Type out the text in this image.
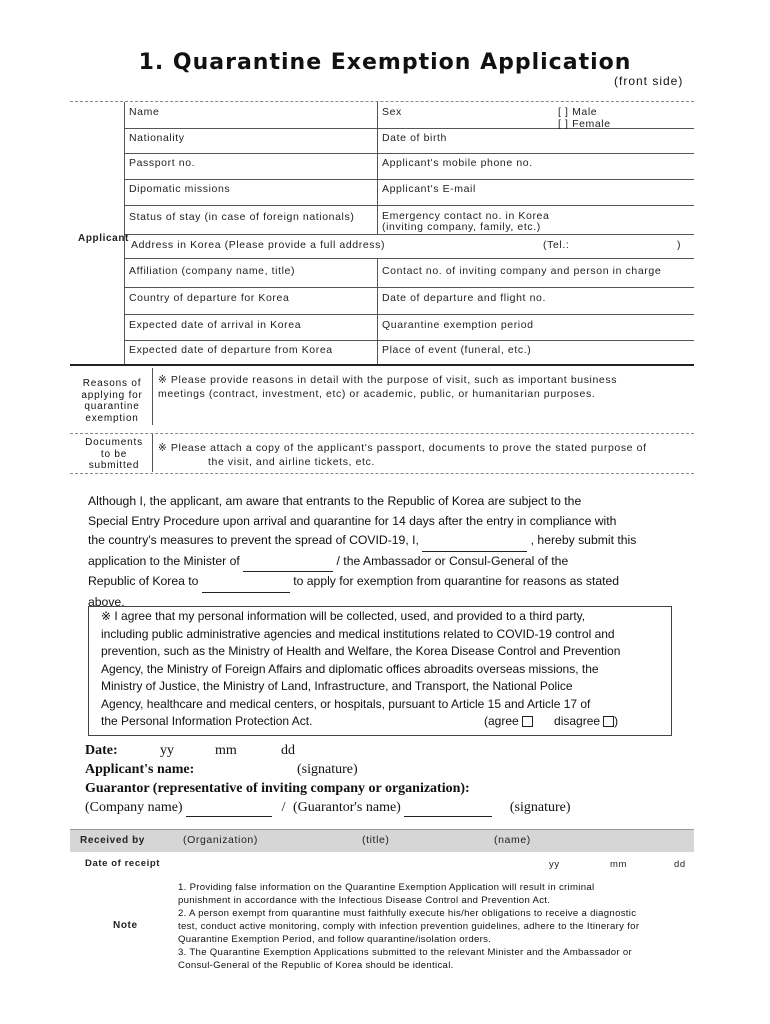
1. Quarantine Exemption Application
(front side)
Applicant
Name	Sex	[ ] Male
[ ] Female
Nationality	Date of birth
Passport no.	Applicant's mobile phone no.
Dipomatic missions	Applicant's E-mail
Status of stay (in case of foreign nationals)	Emergency contact no. in Korea
(inviting company, family, etc.)
Address in Korea (Please provide a full address)	(Tel.:	)
Affiliation (company name, title)	Contact no. of inviting company and person in charge
Country of departure for Korea	Date of departure and flight no.
Expected date of arrival in Korea	Quarantine exemption period
Expected date of departure from Korea	Place of event (funeral, etc.)
Reasons of
applying for
quarantine
exemption
※ Please provide reasons in detail with the purpose of visit, such as important business
meetings (contract, investment, etc) or academic, public, or humanitarian purposes.
Documents
to be
submitted
※ Please attach a copy of the applicant's passport, documents to prove the stated purpose of
the visit, and airline tickets, etc.

Although I, the applicant, am aware that entrants to the Republic of Korea are subject to the

Special Entry Procedure upon arrival and quarantine for 14 days after the entry in compliance with

the country's measures to prevent the spread of COVID-19, I,	, hereby submit this

application to the Minister of	/ the Ambassador or Consul-General of the

Republic of Korea to	to apply for exemption from quarantine for reasons as stated

above.

※ I agree that my personal information will be collected, used, and provided to a third party,
including public administrative agencies and medical institutions related to COVID-19 control and
prevention, such as the Ministry of Health and Welfare, the Korea Disease Control and Prevention
Agency, the Ministry of Foreign Affairs and diplomatic offices abroadits overseas missions, the
Ministry of Justice, the Ministry of Land, Infrastructure, and Transport, the National Police
Agency, healthcare and medical centers, or hospitals, pursuant to Article 15 and Article 17 of
the Personal Information Protection Act.	(agree	disagree )
Date:	yy	mm	dd
Applicant's name:	(signature)
Guarantor (representative of inviting company or organization):
(Company name)	/ (Guarantor's name)	(signature)
Received by	(Organization)	(title)	(name)
Date of receipt	yy	mm	dd
Note
1. Providing false information on the Quarantine Exemption Application will result in criminal
punishment in accordance with the Infectious Disease Control and Prevention Act.
2. A person exempt from quarantine must faithfully execute his/her obligations to receive a diagnostic
test, conduct active monitoring, comply with infection prevention guidelines, adhere to the Itinerary for
Quarantine Exemption Period, and follow quarantine/isolation orders.
3. The Quarantine Exemption Applications submitted to the relevant Minister and the Ambassador or
Consul-General of the Republic of Korea should be identical.
